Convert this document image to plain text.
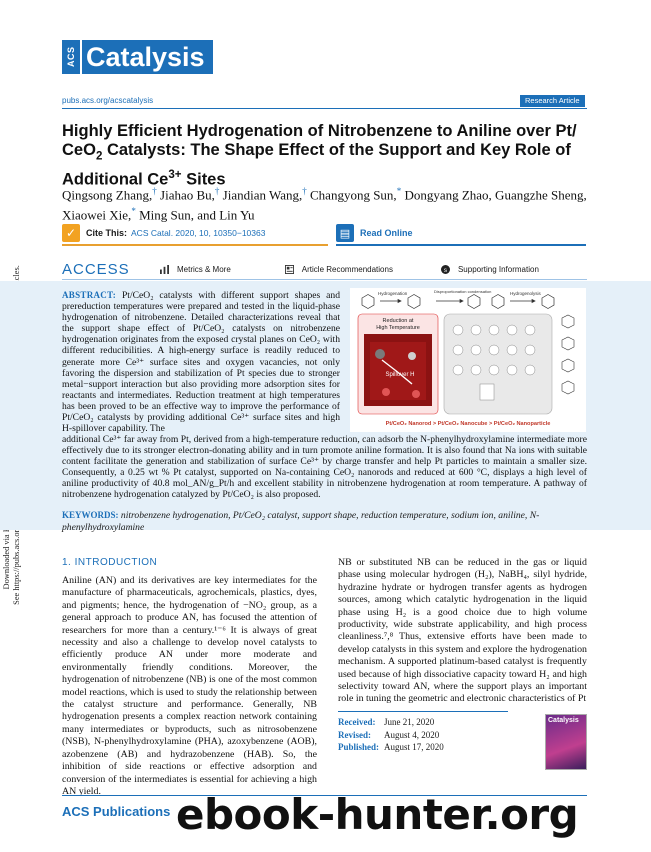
ACS Catalysis
pubs.acs.org/acscatalysis	Research Article
Highly Efficient Hydrogenation of Nitrobenzene to Aniline over Pt/
CeO$_2$ Catalysts: The Shape Effect of the Support and Key Role of
Additional $Ce^{3+}$ Sites
Qingsong Zhang,† Jiahao Bu,† Jiandian Wang,† Changyong Sun,* Dongyang Zhao, Guangzhe Sheng,
Xiaowei Xie,* Ming Sun, and Lin Yu
✓	Cite This: ACS Catal. 2020, 10, 10350−10363	▤	Read Online
ACCESS	Metrics & More	Article Recommendations	s Supporting Information
ABSTRACT: Pt/CeO₂ catalysts with different support shapes and prereduction temperatures were prepared and tested in the liquid-phase hydrogenation of nitrobenzene. Detailed characterizations reveal that the support shape effect of Pt/CeO₂ catalysts on nitrobenzene hydrogenation originates from the exposed crystal planes on CeO₂ with different reducibilities. A high-energy surface is readily reduced to generate more Ce³⁺ surface sites and oxygen vacancies, not only favoring the dispersion and stabilization of Pt species due to stronger metal−support interaction but also providing more adsorption sites for reactants and intermediates. Reduction treatment at high temperatures has been proved to be an effective way to improve the performance of Pt/CeO₂ catalysts by providing additional Ce³⁺ surface sites and high H-spillover capability. The
Hydrogenation	Disproportionation condensation	Hydrogenolysis
Reduction at
High Temperature
Spillover H
Pt/CeO₂ Nanorod > Pt/CeO₂ Nanocube > Pt/CeO₂ Nanoparticle
additional Ce³⁺ far away from Pt, derived from a high-temperature reduction, can adsorb the N-phenylhydroxylamine intermediate more effectively due to its stronger electron-donating ability and in turn promote aniline formation. It is also found that Na ions with suitable content facilitate the generation and stabilization of surface Ce³⁺ by charge transfer and help Pt particles to maintain a smaller size. Consequently, a 0.25 wt % Pt catalyst, supported on Na-containing CeO₂ nanorods and reduced at 600 °C, displays a high level of aniline productivity of 40.8 mol_AN/g_Pt/h and excellent stability in nitrobenzene hydrogenation at room temperature. A pathway of nitrobenzene hydrogenation catalyzed by Pt/CeO₂ is also proposed.
KEYWORDS: nitrobenzene hydrogenation, Pt/CeO₂ catalyst, support shape, reduction temperature, sodium ion, aniline, N-phenylhydroxylamine
1. INTRODUCTION
Aniline (AN) and its derivatives are key intermediates for the manufacture of pharmaceuticals, agrochemicals, plastics, dyes, and pigments; hence, the hydrogenation of −NO₂ group, as a general approach to produce AN, has focused the attention of researchers for more than a century.¹⁻⁶ It is always of great necessity and also a challenge to develop novel catalysts to efficiently produce AN under more moderate and environmentally friendly conditions. Moreover, the hydrogenation of nitrobenzene (NB) is one of the most common model reactions, which is used to study the relationship between the catalyst structure and performance. Generally, NB hydrogenation presents a complex reaction network containing many intermediates or byproducts, such as nitrosobenzene (NSB), N-phenylhydroxylamine (PHA), azoxybenzene (AOB), azobenzene (AB) and hydrazobenzene (HAB). So, the inhibition of side reactions or effective adsorption and conversion of the intermediates is essential for achieving a high AN yield.
NB or substituted NB can be reduced in the gas or liquid phase using molecular hydrogen (H₂), NaBH₄, silyl hydride, hydrazine hydrate or hydrogen transfer agents as hydrogen sources, among which catalytic hydrogenation in the liquid phase using H₂ is a good choice due to high volume productivity, wide substrate applicability, and high process cleanliness.⁷,⁸ Thus, extensive efforts have been made to develop catalysts in this system and explore the hydrogenation mechanism. A supported platinum-based catalyst is frequently used because of high dissociative capacity toward H₂ and high selectivity toward AN, where the support plays an important role in tuning the geometric and electronic characteristics of Pt
Received: June 21, 2020
Revised: August 4, 2020
Published: August 17, 2020
Catalysis
ACS Publications ebook-hunter.org
